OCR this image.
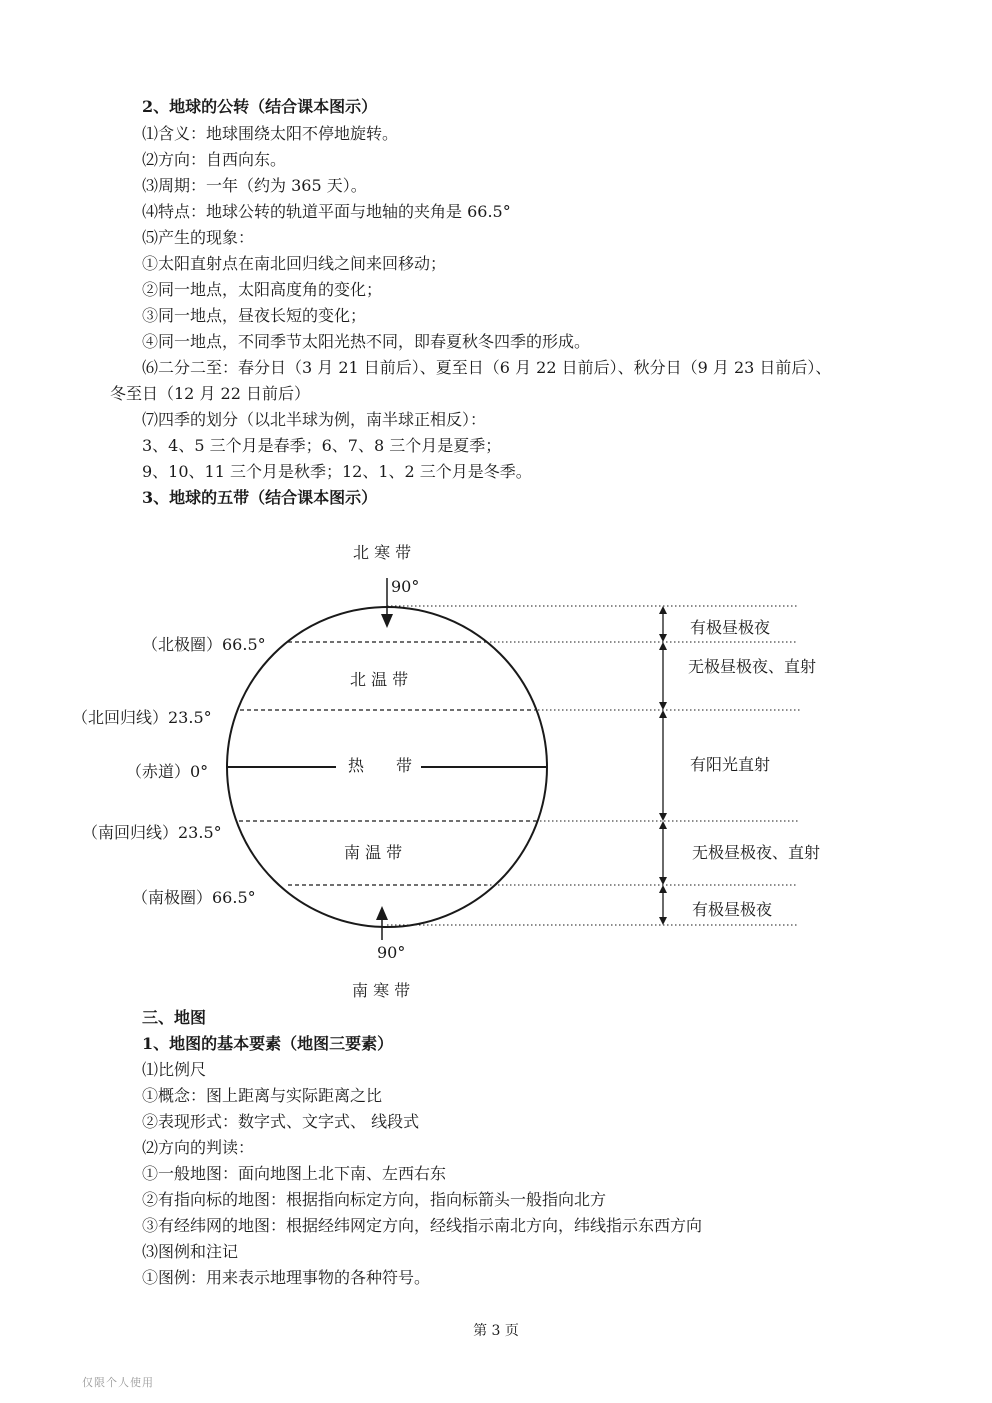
2、地球的公转（结合课本图示）
⑴含义：地球围绕太阳不停地旋转。
⑵方向：自西向东。
⑶周期：一年（约为 365 天）。
⑷特点：地球公转的轨道平面与地轴的夹角是 66.5°
⑸产生的现象：
①太阳直射点在南北回归线之间来回移动；
②同一地点，太阳高度角的变化；
③同一地点，昼夜长短的变化；
④同一地点，不同季节太阳光热不同，即春夏秋冬四季的形成。
⑹二分二至：春分日（3 月 21 日前后）、夏至日（6 月 22 日前后）、秋分日（9 月 23 日前后）、
冬至日（12 月 22 日前后）
⑺四季的划分（以北半球为例，南半球正相反）：
3、4、5 三个月是春季；6、7、8 三个月是夏季；
9、10、11 三个月是秋季；12、1、2 三个月是冬季。
3、地球的五带（结合课本图示）
北 寒 带
90°
（北极圈）66.5°
北 温 带
（北回归线）23.5°
（赤道）0°	热　　带
（南回归线）23.5°
南 温 带
（南极圈）66.5°
90°
南 寒 带
有极昼极夜
无极昼极夜、直射
有阳光直射
无极昼极夜、直射
有极昼极夜
三、地图
1、地图的基本要素（地图三要素）
⑴比例尺
①概念：图上距离与实际距离之比
②表现形式：数字式、文字式、 线段式
⑵方向的判读：
①一般地图：面向地图上北下南、左西右东
②有指向标的地图：根据指向标定方向，指向标箭头一般指向北方
③有经纬网的地图：根据经纬网定方向，经线指示南北方向，纬线指示东西方向
⑶图例和注记
①图例：用来表示地理事物的各种符号。
第 3 页
仅限个人使用
